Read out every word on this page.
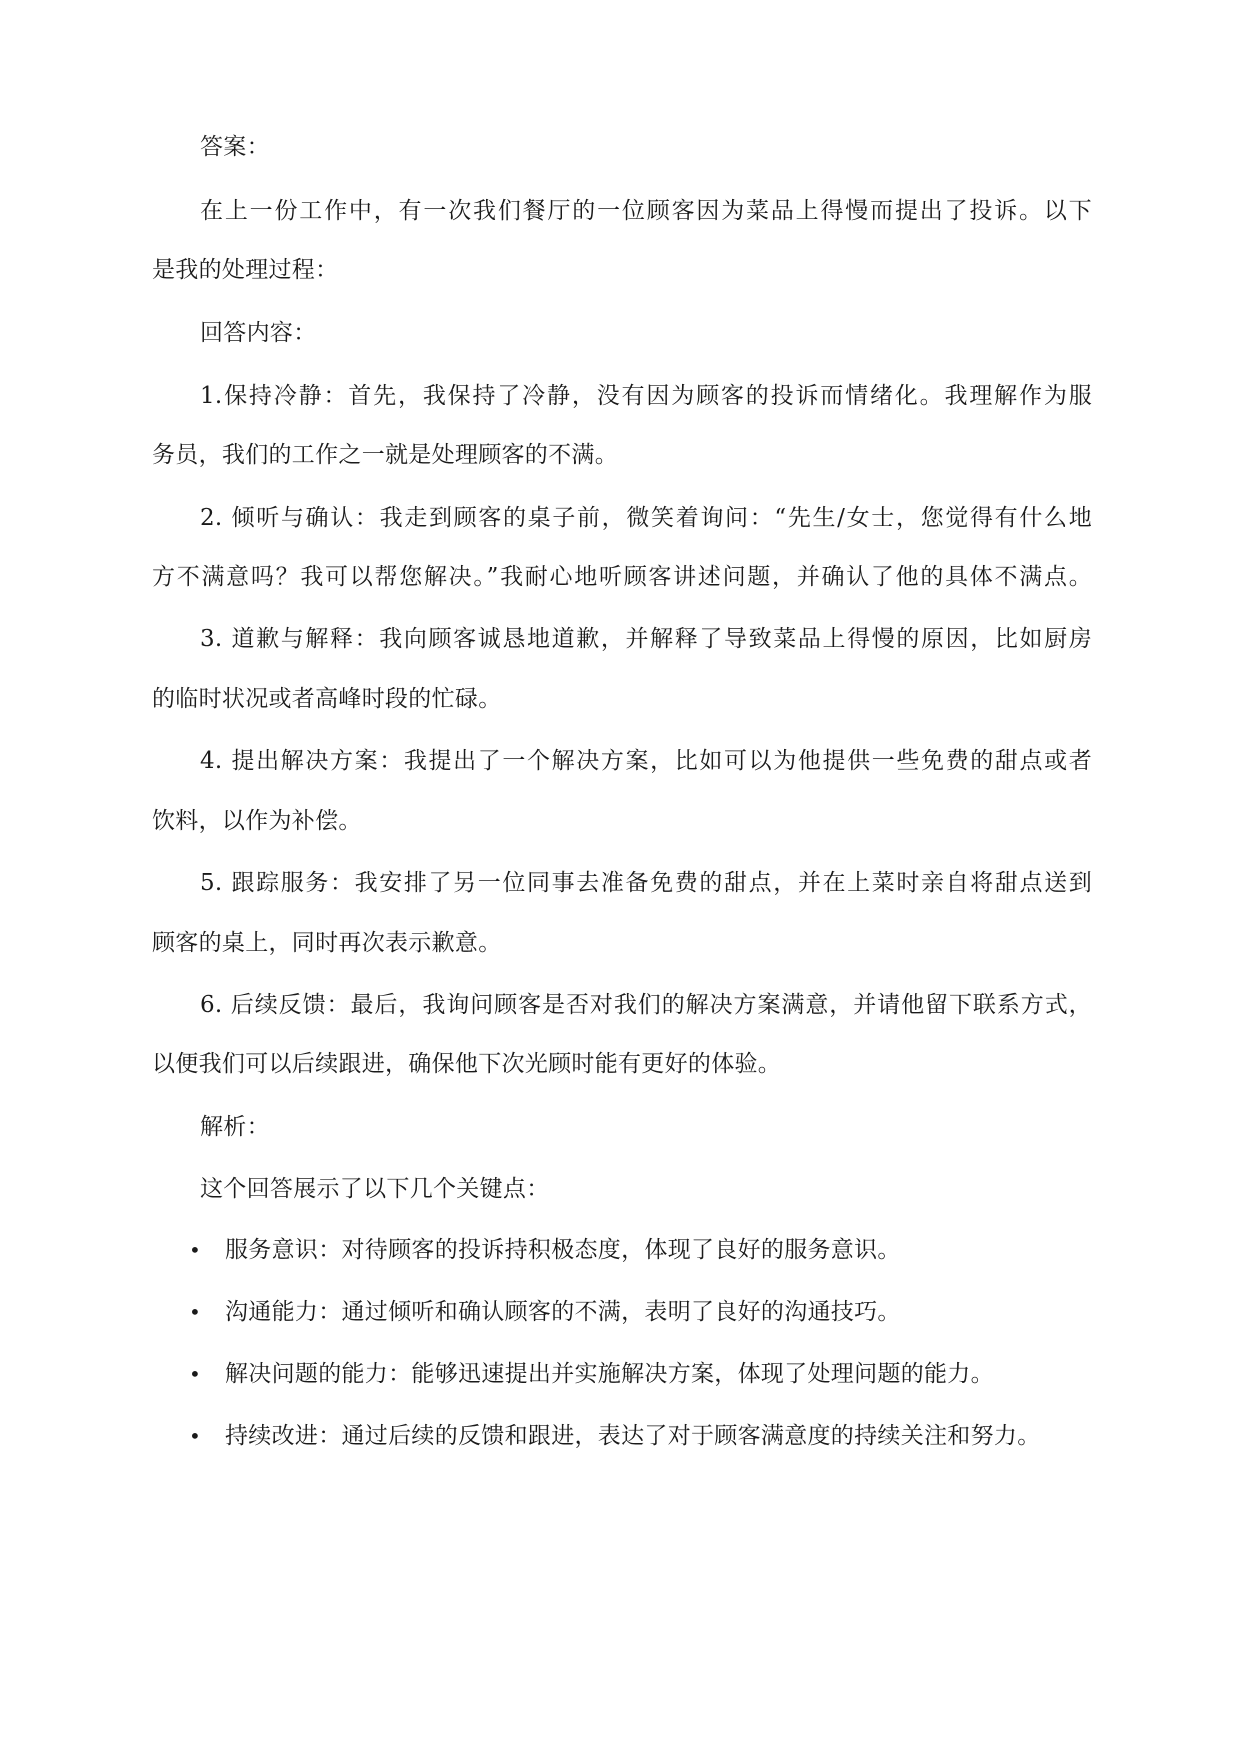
答案：
在上一份工作中，有一次我们餐厅的一位顾客因为菜品上得慢而提出了投诉。以下
是我的处理过程：
回答内容：
1.保持冷静：首先，我保持了冷静，没有因为顾客的投诉而情绪化。我理解作为服
务员，我们的工作之一就是处理顾客的不满。
2. 倾听与确认：我走到顾客的桌子前，微笑着询问：“先生/女士，您觉得有什么地
方不满意吗？我可以帮您解决。”我耐心地听顾客讲述问题，并确认了他的具体不满点。
3. 道歉与解释：我向顾客诚恳地道歉，并解释了导致菜品上得慢的原因，比如厨房
的临时状况或者高峰时段的忙碌。
4. 提出解决方案：我提出了一个解决方案，比如可以为他提供一些免费的甜点或者
饮料，以作为补偿。
5. 跟踪服务：我安排了另一位同事去准备免费的甜点，并在上菜时亲自将甜点送到
顾客的桌上，同时再次表示歉意。
6. 后续反馈：最后，我询问顾客是否对我们的解决方案满意，并请他留下联系方式，
以便我们可以后续跟进，确保他下次光顾时能有更好的体验。
解析：
这个回答展示了以下几个关键点：
• 服务意识：对待顾客的投诉持积极态度，体现了良好的服务意识。
• 沟通能力：通过倾听和确认顾客的不满，表明了良好的沟通技巧。
• 解决问题的能力：能够迅速提出并实施解决方案，体现了处理问题的能力。
• 持续改进：通过后续的反馈和跟进，表达了对于顾客满意度的持续关注和努力。
